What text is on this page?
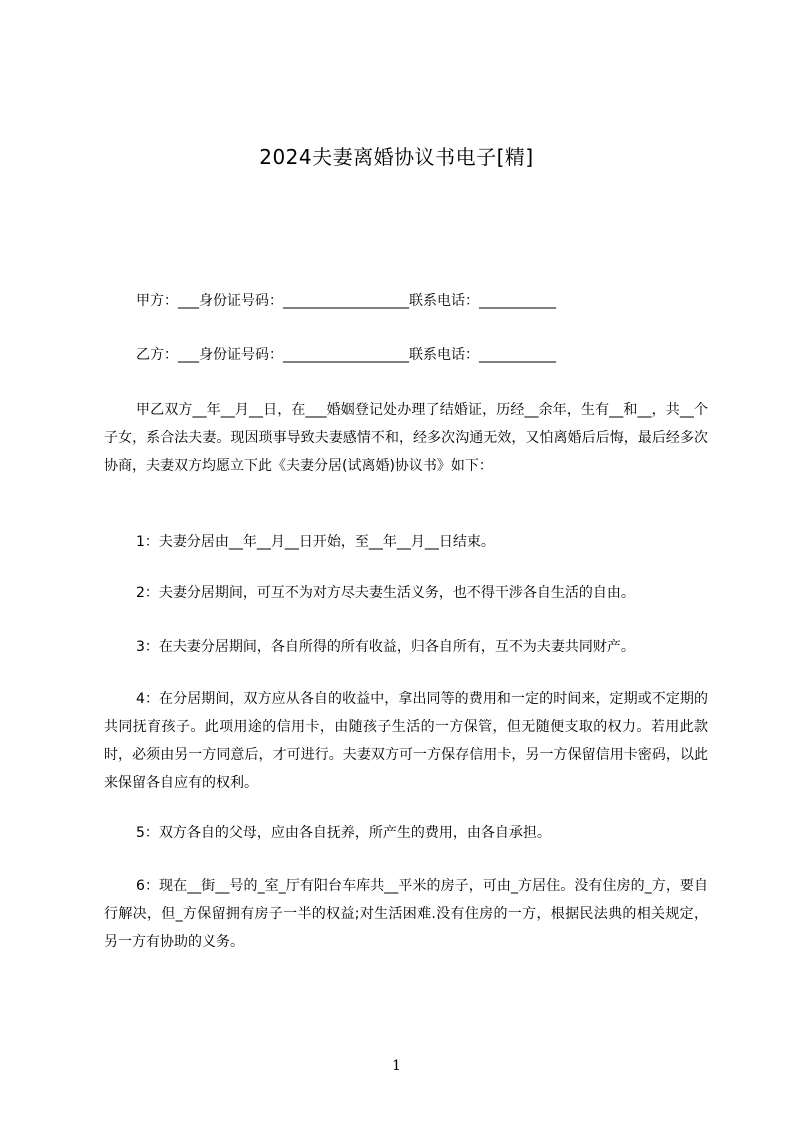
2024夫妻离婚协议书电子[精]
甲方：___身份证号码：__________________联系电话：___________
乙方：___身份证号码：__________________联系电话：___________
甲乙双方__年__月__日，在___婚姻登记处办理了结婚证，历经__余年，生有__和__，共__个子女，系合法夫妻。现因琐事导致夫妻感情不和，经多次沟通无效，又怕离婚后后悔，最后经多次协商，夫妻双方均愿立下此《夫妻分居(试离婚)协议书》如下：
1：夫妻分居由__年__月__日开始，至__年__月__日结束。
2：夫妻分居期间，可互不为对方尽夫妻生活义务，也不得干涉各自生活的自由。
3：在夫妻分居期间，各自所得的所有收益，归各自所有，互不为夫妻共同财产。
4：在分居期间，双方应从各自的收益中，拿出同等的费用和一定的时间来，定期或不定期的共同抚育孩子。此项用途的信用卡，由随孩子生活的一方保管，但无随便支取的权力。若用此款时，必须由另一方同意后，才可进行。夫妻双方可一方保存信用卡，另一方保留信用卡密码，以此来保留各自应有的权利。
5：双方各自的父母，应由各自抚养，所产生的费用，由各自承担。
6：现在__街__号的_室_厅有阳台车库共__平米的房子，可由_方居住。没有住房的_方，要自行解决，但_方保留拥有房子一半的权益;对生活困难.没有住房的一方，根据民法典的相关规定，另一方有协助的义务。
1
